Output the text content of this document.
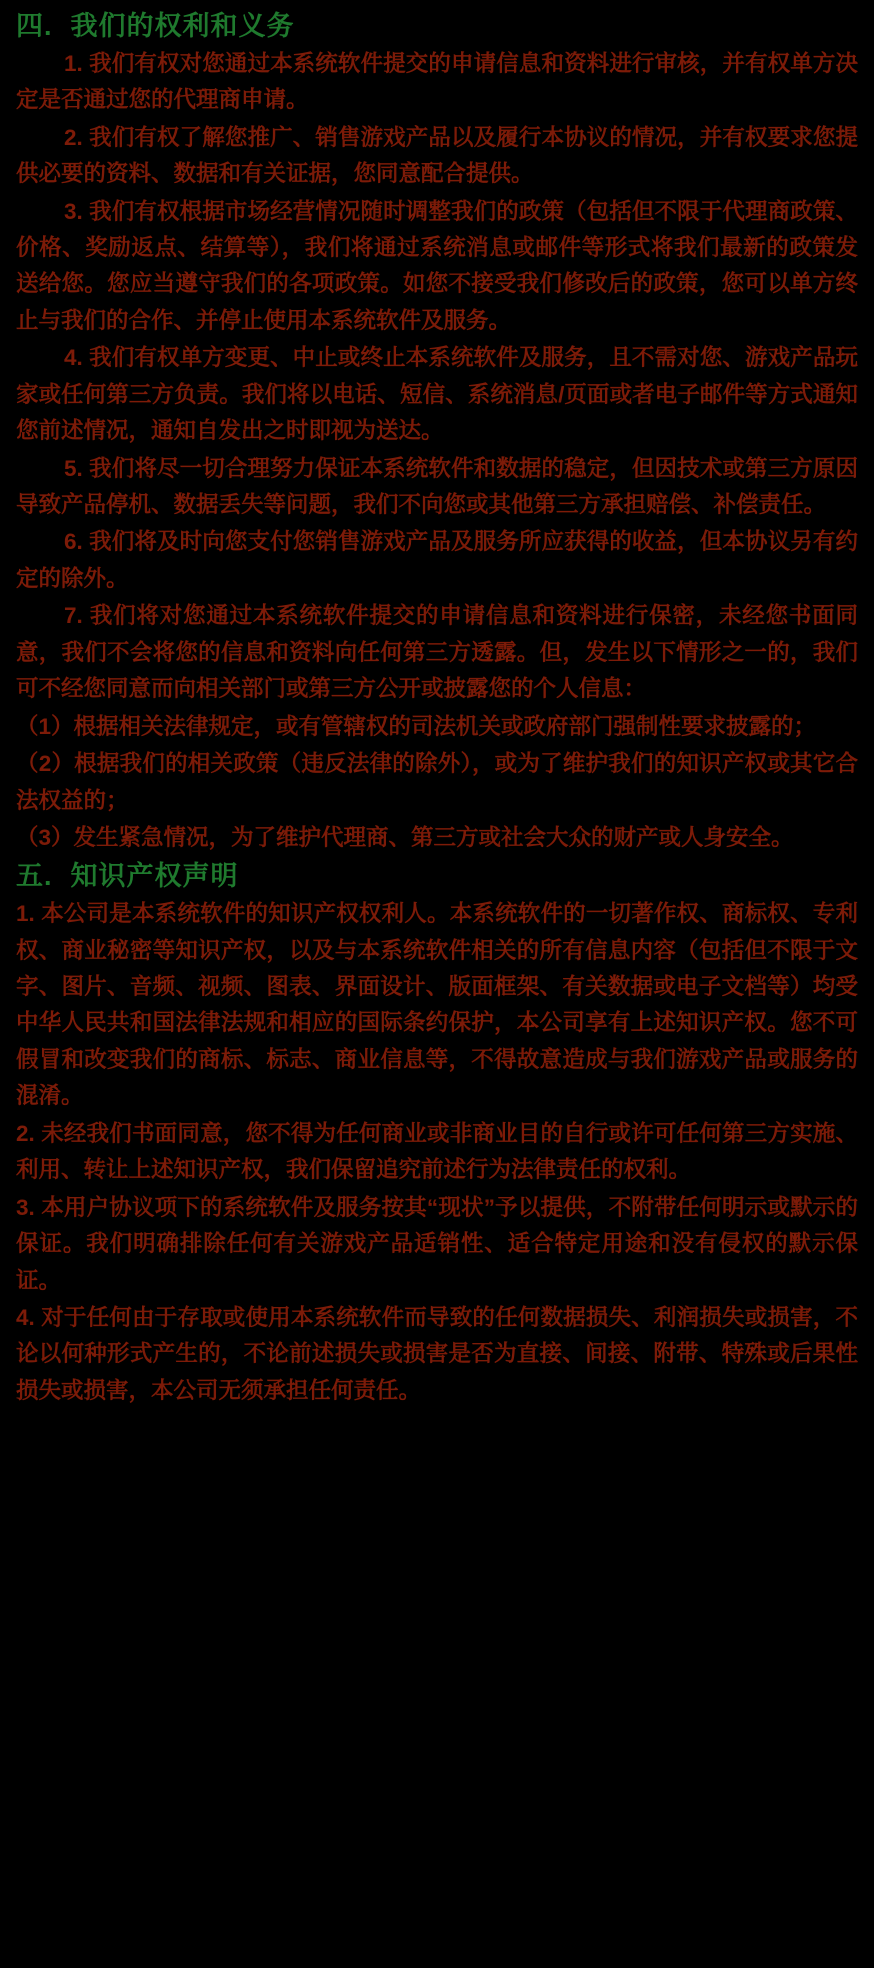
四. 我们的权利和义务

1. 我们有权对您通过本系统软件提交的申请信息和资料进行审核，并有权单方决定是否通过您的代理商申请。

2. 我们有权了解您推广、销售游戏产品以及履行本协议的情况，并有权要求您提供必要的资料、数据和有关证据，您同意配合提供。

3. 我们有权根据市场经营情况随时调整我们的政策（包括但不限于代理商政策、价格、奖励返点、结算等），我们将通过系统消息或邮件等形式将我们最新的政策发送给您。您应当遵守我们的各项政策。如您不接受我们修改后的政策，您可以单方终止与我们的合作、并停止使用本系统软件及服务。

4. 我们有权单方变更、中止或终止本系统软件及服务，且不需对您、游戏产品玩家或任何第三方负责。我们将以电话、短信、系统消息/页面或者电子邮件等方式通知您前述情况，通知自发出之时即视为送达。

5. 我们将尽一切合理努力保证本系统软件和数据的稳定，但因技术或第三方原因导致产品停机、数据丢失等问题，我们不向您或其他第三方承担赔偿、补偿责任。

6. 我们将及时向您支付您销售游戏产品及服务所应获得的收益，但本协议另有约定的除外。

7. 我们将对您通过本系统软件提交的申请信息和资料进行保密，未经您书面同意，我们不会将您的信息和资料向任何第三方透露。但，发生以下情形之一的，我们可不经您同意而向相关部门或第三方公开或披露您的个人信息：

（1）根据相关法律规定，或有管辖权的司法机关或政府部门强制性要求披露的；

（2）根据我们的相关政策（违反法律的除外），或为了维护我们的知识产权或其它合法权益的；

（3）发生紧急情况，为了维护代理商、第三方或社会大众的财产或人身安全。

五. 知识产权声明

1. 本公司是本系统软件的知识产权权利人。本系统软件的一切著作权、商标权、专利权、商业秘密等知识产权，以及与本系统软件相关的所有信息内容（包括但不限于文字、图片、音频、视频、图表、界面设计、版面框架、有关数据或电子文档等）均受中华人民共和国法律法规和相应的国际条约保护，本公司享有上述知识产权。您不可假冒和改变我们的商标、标志、商业信息等，不得故意造成与我们游戏产品或服务的混淆。

2. 未经我们书面同意，您不得为任何商业或非商业目的自行或许可任何第三方实施、利用、转让上述知识产权，我们保留追究前述行为法律责任的权利。

3. 本用户协议项下的系统软件及服务按其“现状”予以提供，不附带任何明示或默示的保证。我们明确排除任何有关游戏产品适销性、适合特定用途和没有侵权的默示保证。

4. 对于任何由于存取或使用本系统软件而导致的任何数据损失、利润损失或损害，不论以何种形式产生的，不论前述损失或损害是否为直接、间接、附带、特殊或后果性损失或损害，本公司无须承担任何责任。
